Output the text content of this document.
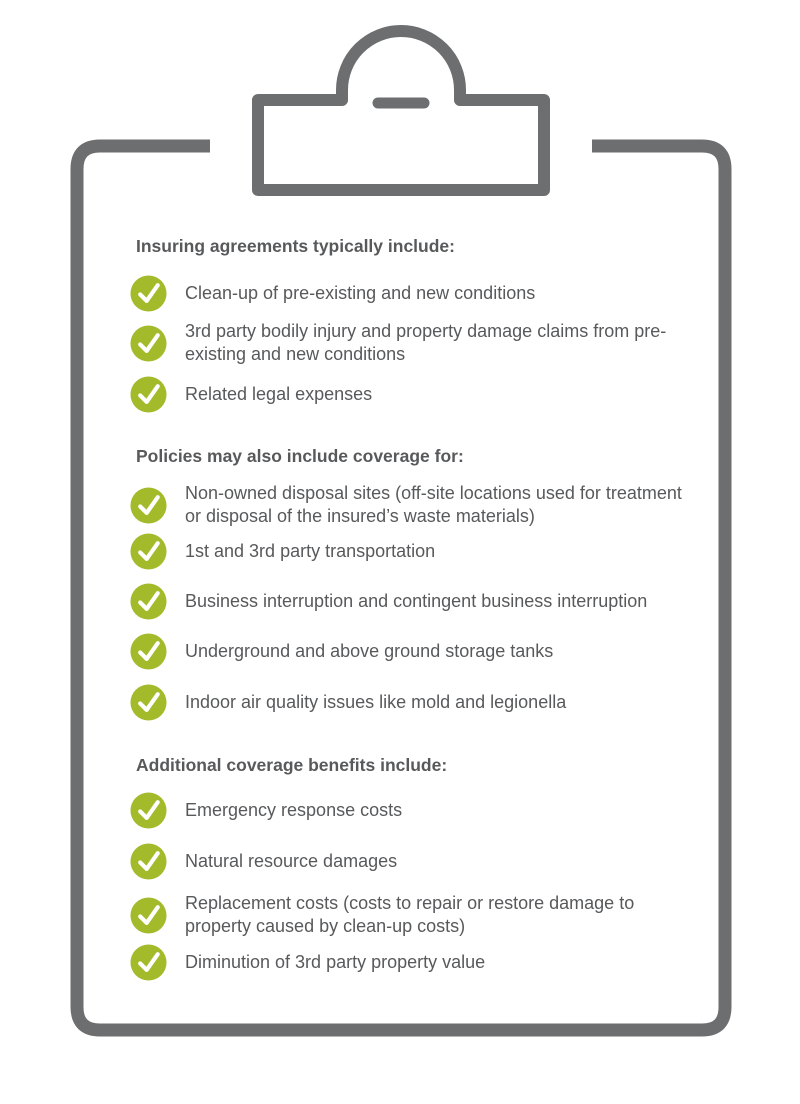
Insuring agreements typically include:
Clean-up of pre-existing and new conditions
3rd party bodily injury and property damage claims from pre-existing and new conditions
Related legal expenses
Policies may also include coverage for:
Non-owned disposal sites (off-site locations used for treatment or disposal of the insured’s waste materials)
1st and 3rd party transportation
Business interruption and contingent business interruption
Underground and above ground storage tanks
Indoor air quality issues like mold and legionella
Additional coverage benefits include:
Emergency response costs
Natural resource damages
Replacement costs (costs to repair or restore damage to property caused by clean-up costs)
Diminution of 3rd party property value
